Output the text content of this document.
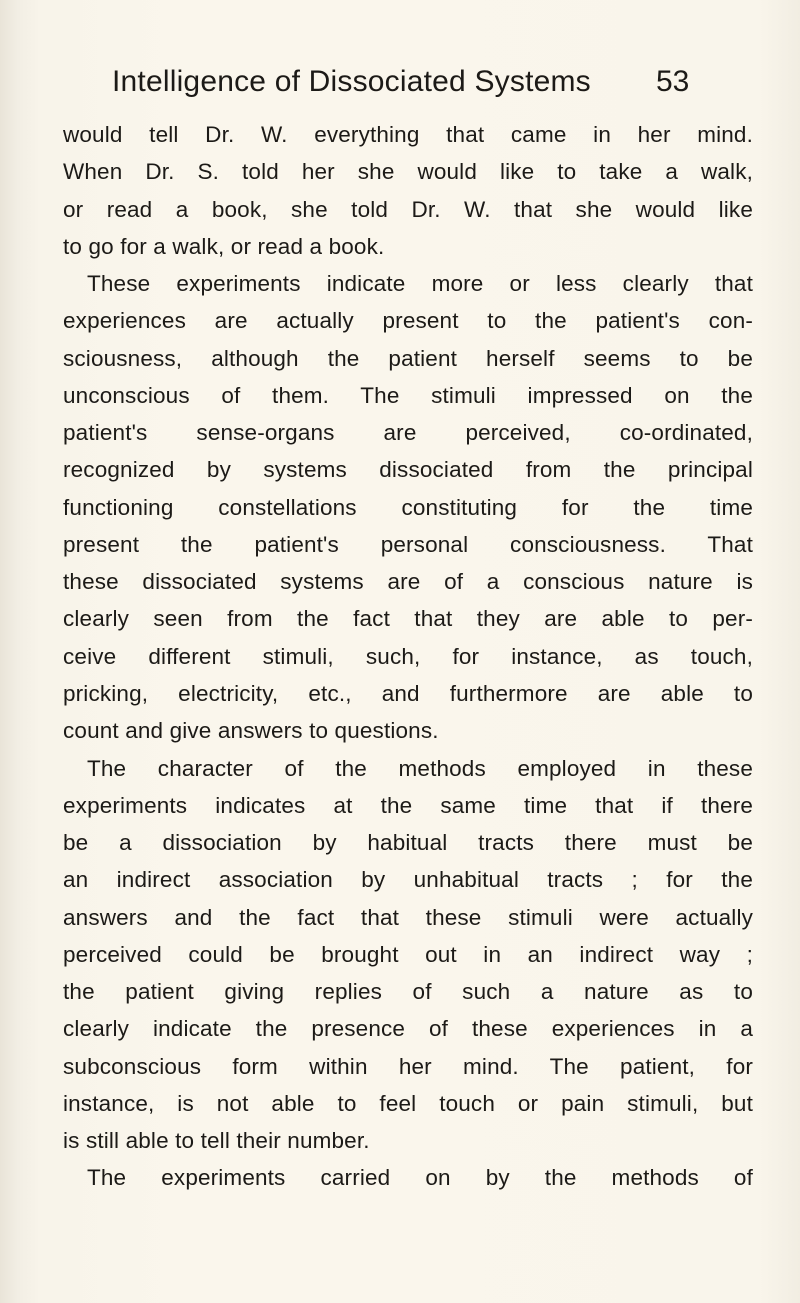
Intelligence of Dissociated Systems 53
would tell Dr. W. everything that came in her mind.
When Dr. S. told her she would like to take a walk,
or read a book, she told Dr. W. that she would like
to go for a walk, or read a book.
These experiments indicate more or less clearly that
experiences are actually present to the patient's con-
sciousness, although the patient herself seems to be
unconscious of them. The stimuli impressed on the
patient's sense-organs are perceived, co-ordinated,
recognized by systems dissociated from the principal
functioning constellations constituting for the time
present the patient's personal consciousness. That
these dissociated systems are of a conscious nature is
clearly seen from the fact that they are able to per-
ceive different stimuli, such, for instance, as touch,
pricking, electricity, etc., and furthermore are able to
count and give answers to questions.
The character of the methods employed in these
experiments indicates at the same time that if there
be a dissociation by habitual tracts there must be
an indirect association by unhabitual tracts ; for the
answers and the fact that these stimuli were actually
perceived could be brought out in an indirect way ;
the patient giving replies of such a nature as to
clearly indicate the presence of these experiences in a
subconscious form within her mind. The patient, for
instance, is not able to feel touch or pain stimuli, but
is still able to tell their number.
The experiments carried on by the methods of
